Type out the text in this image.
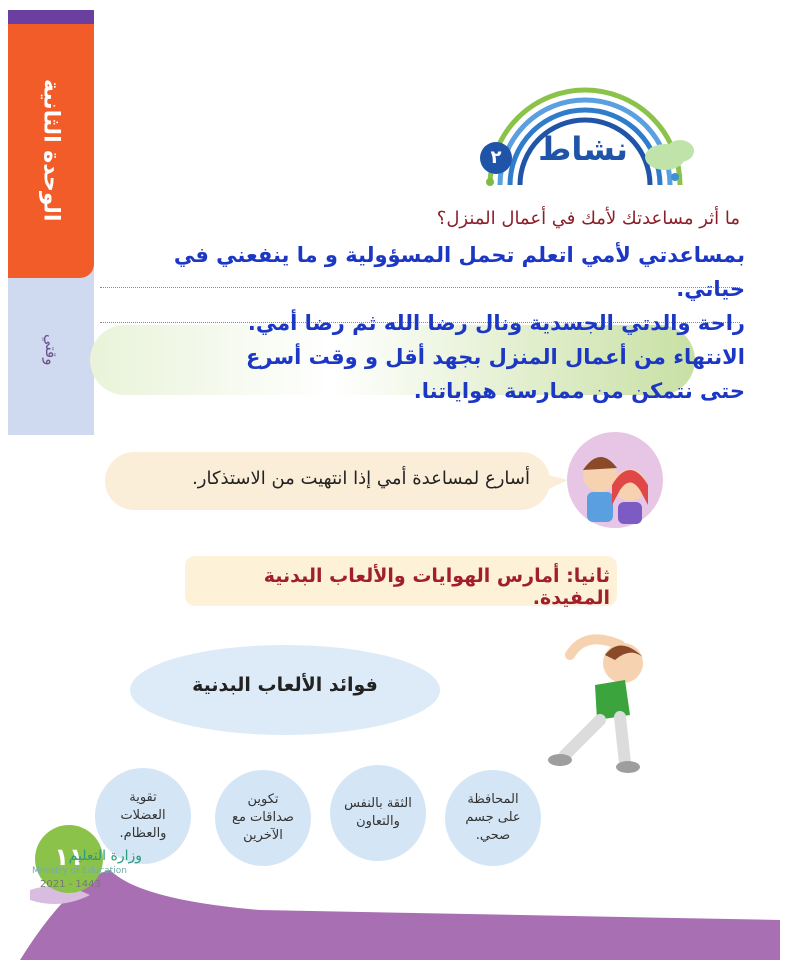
الوحدة الثانية
وقتي
نشاط
٢
ما أثر مساعدتك لأمك في أعمال المنزل؟
بمساعدتي لأمي اتعلم تحمل المسؤولية و ما ينفعني في
حياتي.
راحة والدتي الجسدية ونال رضا الله ثم رضا أمي.
الانتهاء من أعمال المنزل بجهد أقل و وقت أسرع
حتى نتمكن من ممارسة هواياتنا.
أسارع لمساعدة أمي إذا انتهيت من الاستذكار.
ثانيا: أمارس الهوايات والألعاب البدنية المفيدة.
فوائد الألعاب البدنية
المحافظة على جسم صحي.
الثقة بالنفس والتعاون
تكوين صداقات مع الآخرين
تقوية العضلات والعظام.
١١
وزارة التعليم
Ministry of Education
2021 - 1443
